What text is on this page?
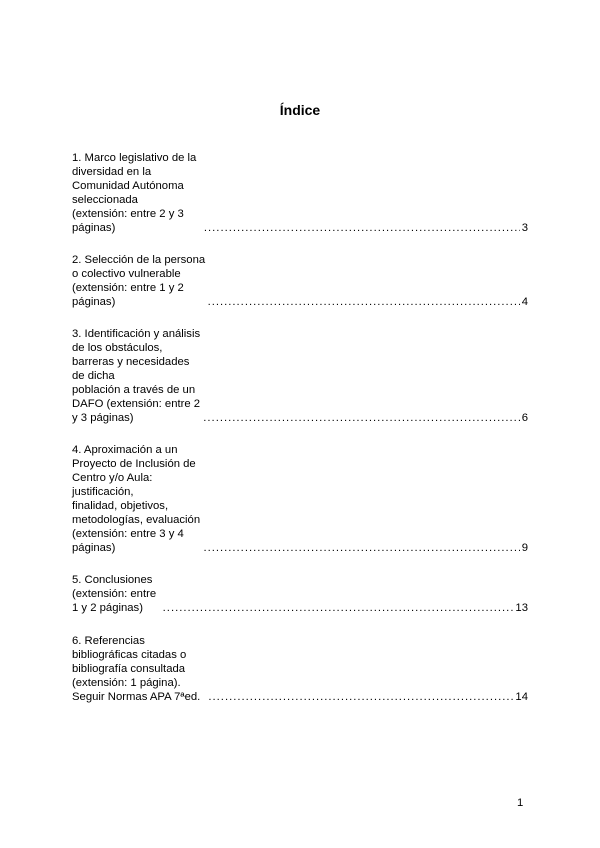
Índice
1. Marco legislativo de la diversidad en la Comunidad Autónoma seleccionada
(extensión: entre 2 y 3 páginas) .....	3
2. Selección de la persona o colectivo vulnerable (extensión: entre 1 y 2 páginas) .....	4
3. Identificación y análisis de los obstáculos, barreras y necesidades de dicha
población a través de un DAFO (extensión: entre 2 y 3 páginas) .....	6
4. Aproximación a un Proyecto de Inclusión de Centro y/o Aula: justificación,
finalidad, objetivos, metodologías, evaluación (extensión: entre 3 y 4 páginas) .....	9
5. Conclusiones (extensión: entre 1 y 2 páginas) .....	13
6. Referencias bibliográficas citadas o bibliografía consultada (extensión: 1 página).
Seguir Normas APA 7ªed. .....	14
1
